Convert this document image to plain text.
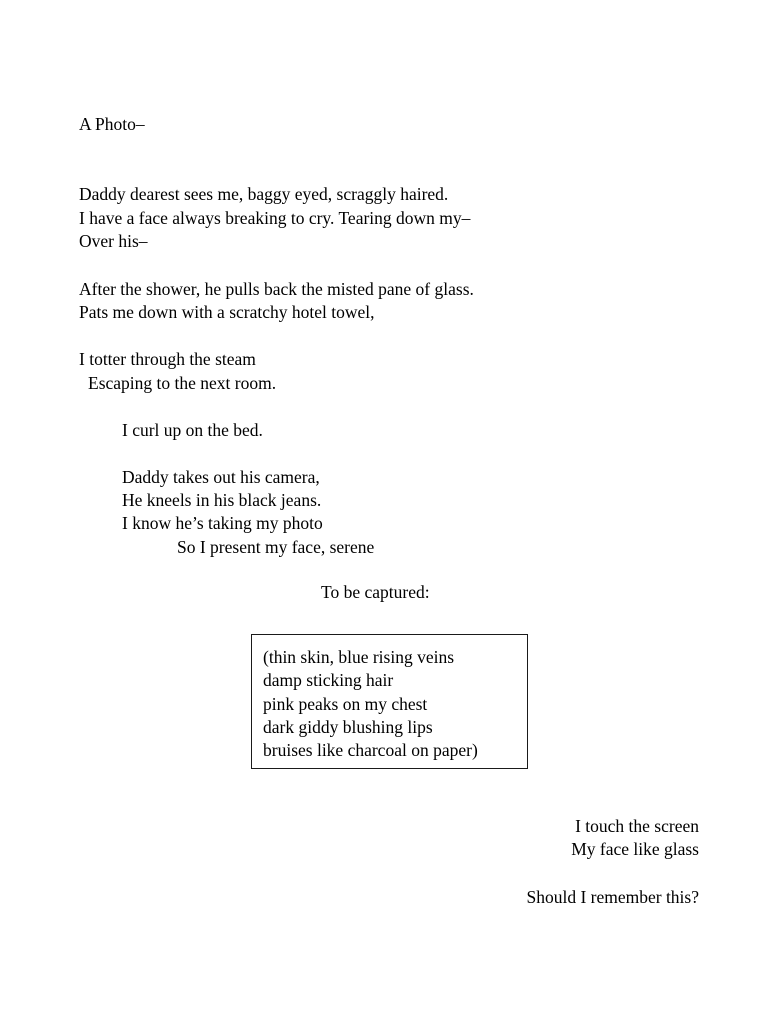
A Photo–
Daddy dearest sees me, baggy eyed, scraggly haired.
I have a face always breaking to cry. Tearing down my–
Over his–
After the shower, he pulls back the misted pane of glass.
Pats me down with a scratchy hotel towel,
I totter through the steam
Escaping to the next room.
I curl up on the bed.
Daddy takes out his camera,
He kneels in his black jeans.
I know he’s taking my photo
So I present my face, serene
To be captured:
(thin skin, blue rising veins
damp sticking hair
pink peaks on my chest
dark giddy blushing lips
bruises like charcoal on paper)
I touch the screen
My face like glass
Should I remember this?
